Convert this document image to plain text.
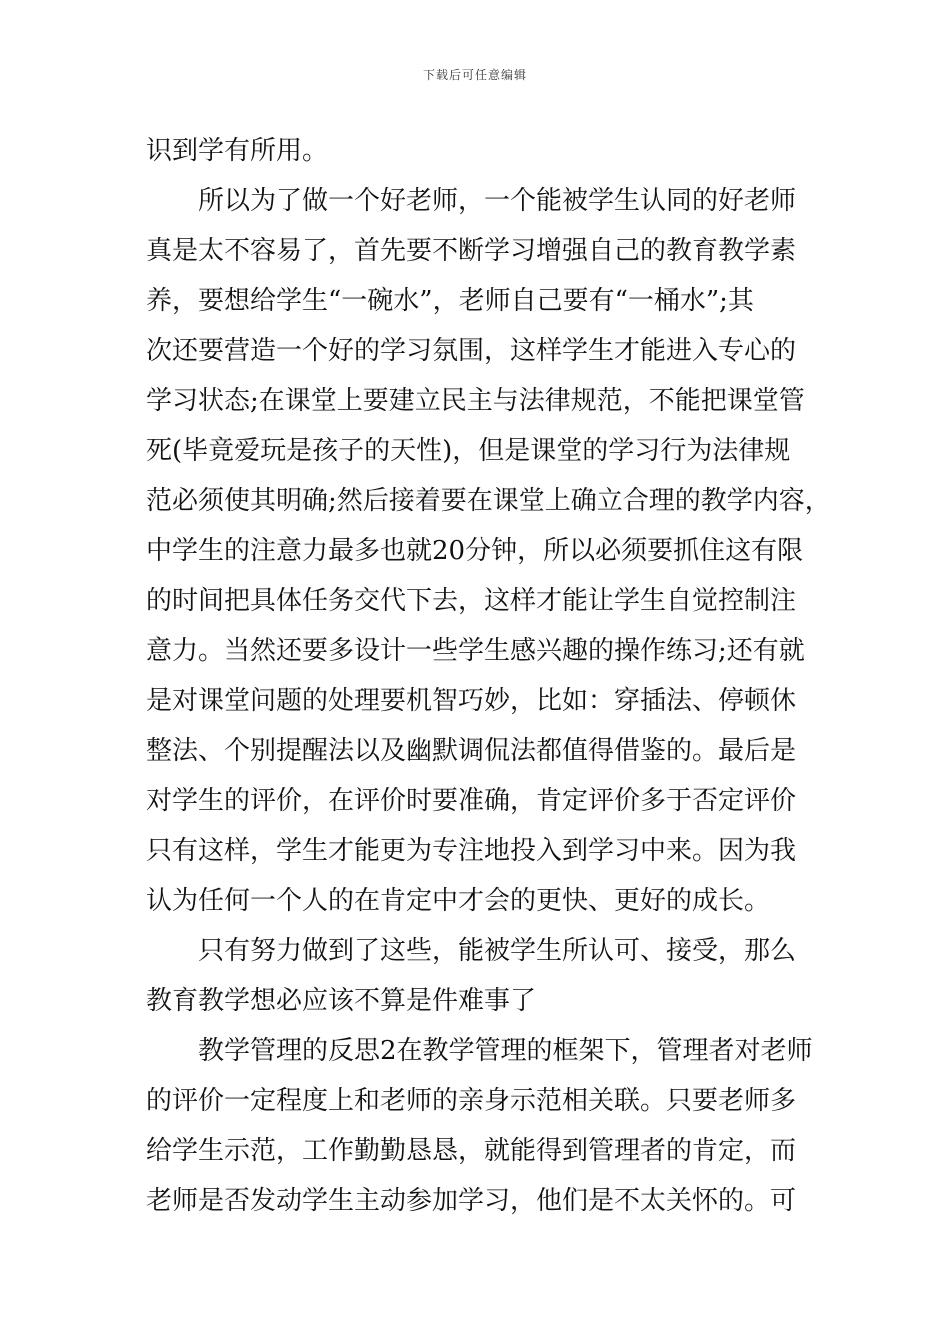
下载后可任意编辑
识到学有所用。
所以为了做一个好老师，一个能被学生认同的好老师
真是太不容易了，首先要不断学习增强自己的教育教学素
养，要想给学生“一碗水”，老师自己要有“一桶水”;其
次还要营造一个好的学习氛围，这样学生才能进入专心的
学习状态;在课堂上要建立民主与法律规范，不能把课堂管
死(毕竟爱玩是孩子的天性)，但是课堂的学习行为法律规
范必须使其明确;然后接着要在课堂上确立合理的教学内容，
中学生的注意力最多也就20分钟，所以必须要抓住这有限
的时间把具体任务交代下去，这样才能让学生自觉控制注
意力。当然还要多设计一些学生感兴趣的操作练习;还有就
是对课堂问题的处理要机智巧妙，比如：穿插法、停顿休
整法、个别提醒法以及幽默调侃法都值得借鉴的。最后是
对学生的评价，在评价时要准确，肯定评价多于否定评价
只有这样，学生才能更为专注地投入到学习中来。因为我
认为任何一个人的在肯定中才会的更快、更好的成长。
只有努力做到了这些，能被学生所认可、接受，那么
教育教学想必应该不算是件难事了
教学管理的反思2在教学管理的框架下，管理者对老师
的评价一定程度上和老师的亲身示范相关联。只要老师多
给学生示范，工作勤勤恳恳，就能得到管理者的肯定，而
老师是否发动学生主动参加学习，他们是不太关怀的。可
